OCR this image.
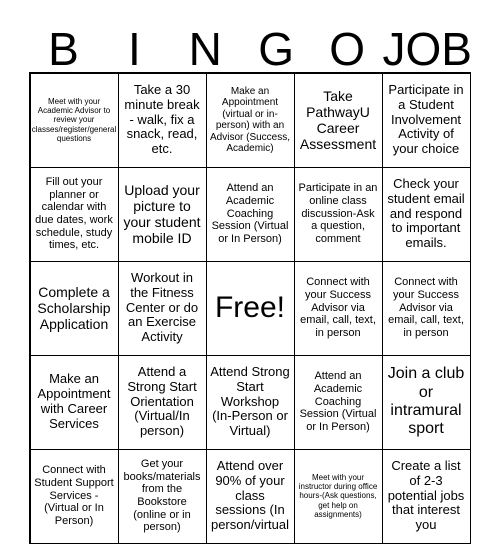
B	I	N G O JOB
Meet with your Academic Advisor to review your classes/register/general questions
Take a 30 minute break - walk, fix a snack, read, etc.
Make an Appointment (virtual or in-person) with an Advisor (Success, Academic)
Take PathwayU Career Assessment
Participate in a Student Involvement Activity of your choice
Fill out your planner or calendar with due dates, work schedule, study times, etc.
Upload your picture to your student mobile ID
Attend an Academic Coaching Session (Virtual or In Person)
Participate in an online class discussion-Ask a question, comment
Check your student email and respond to important emails.
Complete a Scholarship Application
Workout in the Fitness Center or do an Exercise Activity
Free!
Connect with your Success Advisor via email, call, text, in person
Connect with your Success Advisor via email, call, text, in person
Make an Appointment with Career Services
Attend a Strong Start Orientation (Virtual/In person)
Attend Strong Start Workshop (In-Person or Virtual)
Attend an Academic Coaching Session (Virtual or In Person)
Join a club or intramural sport
Connect with Student Support Services - (Virtual or In Person)
Get your books/materials from the Bookstore (online or in person)
Attend over 90% of your class sessions (In person/virtual
Meet with your instructor during office hours-(Ask questions, get help on assignments)
Create a list of 2-3 potential jobs that interest you
